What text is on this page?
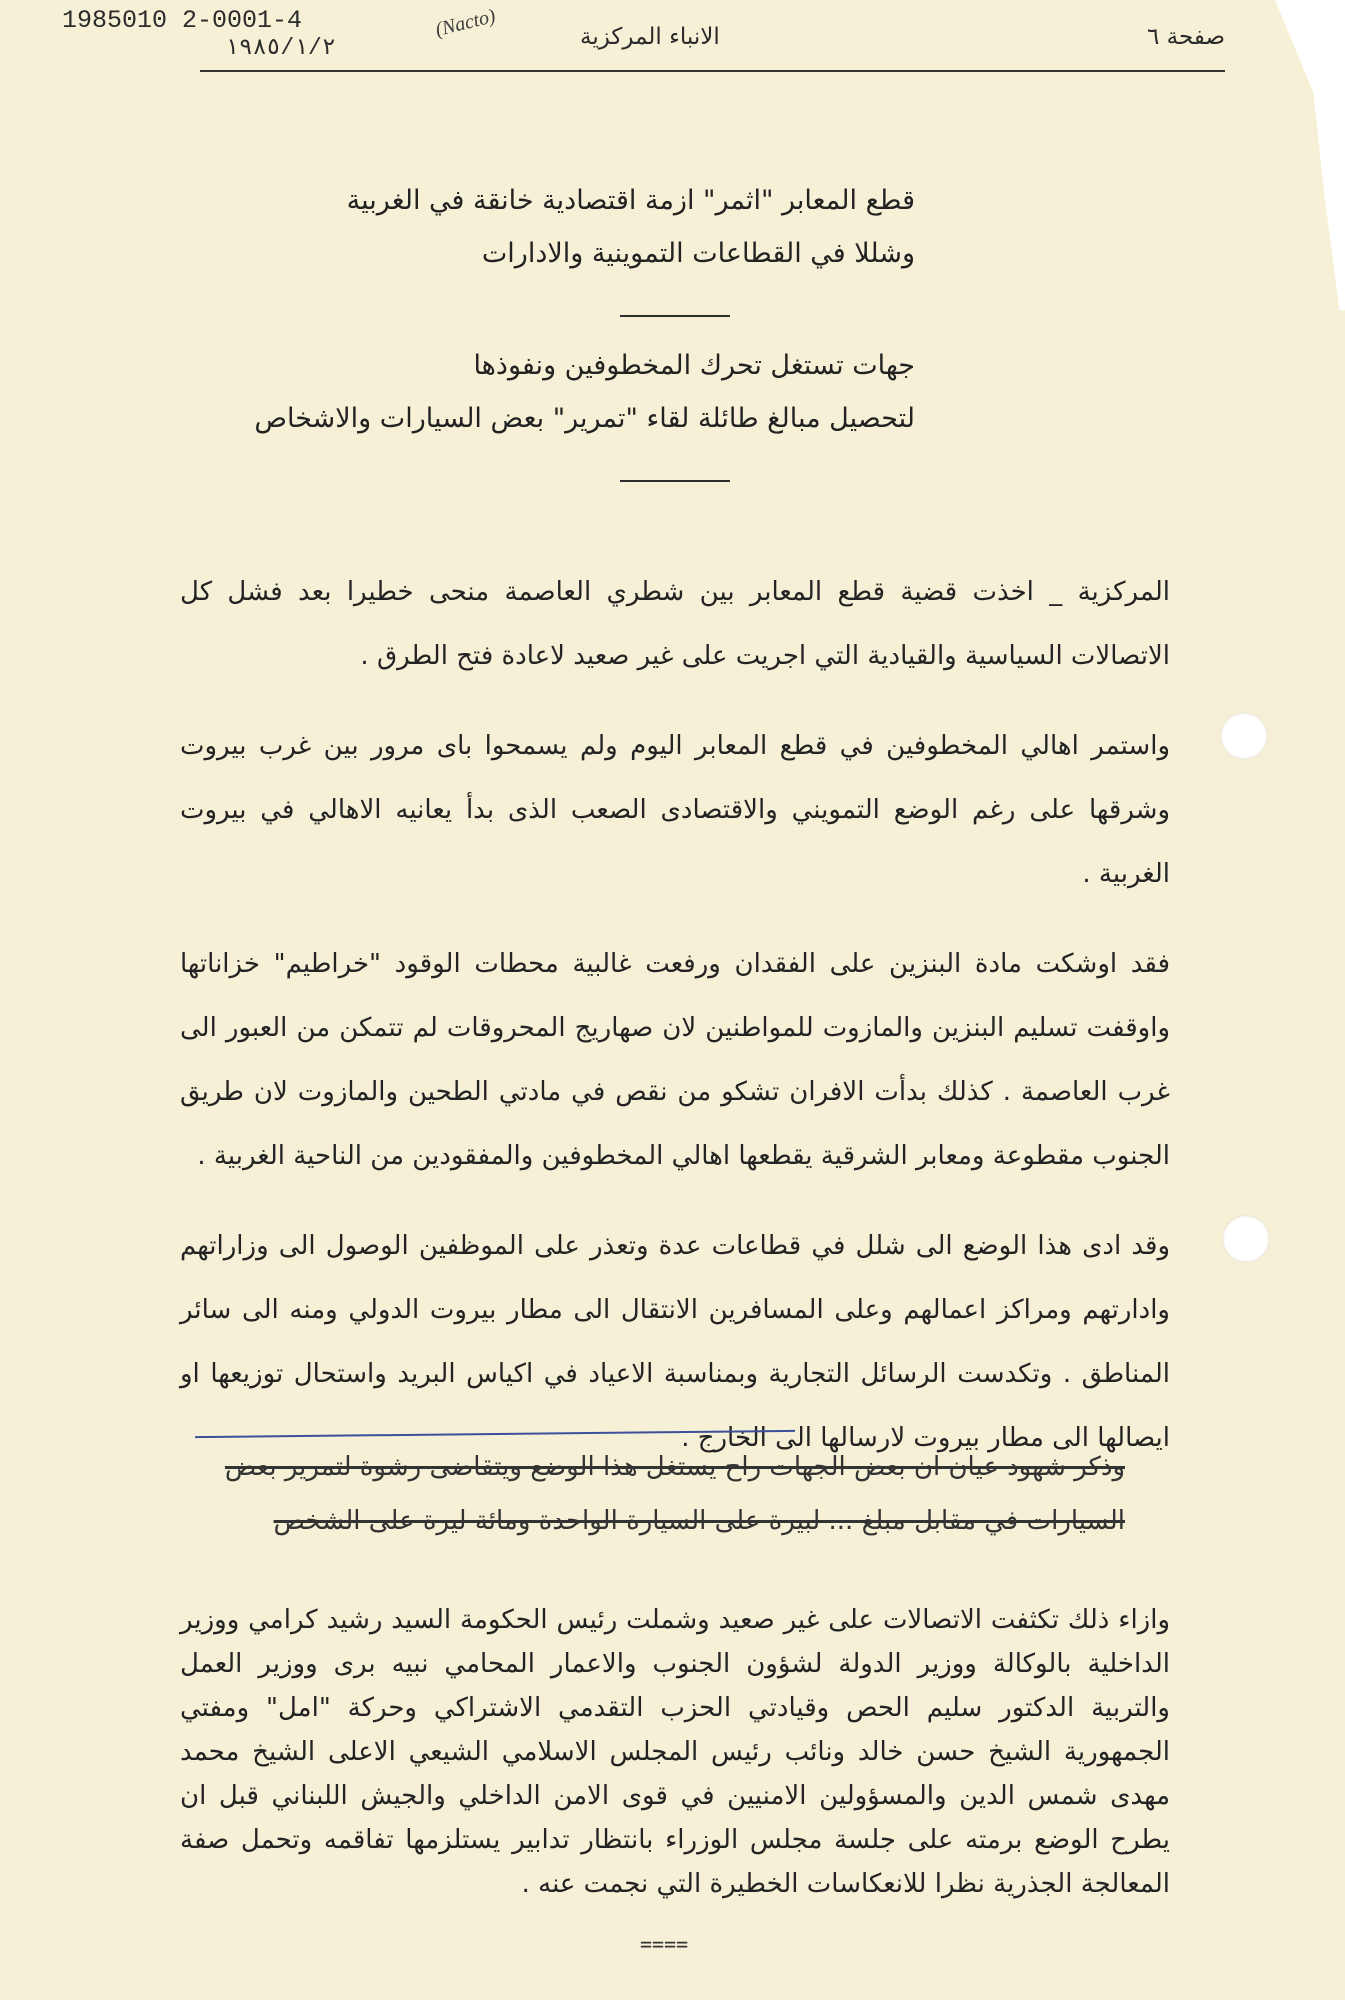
1985010 2-0001-4
١٩٨٥/١/٢
(Nacto)	الانباء المركزية	صفحة ٦
قطع المعابر "اثمر" ازمة اقتصادية خانقة في الغربية
وشللا في القطاعات التموينية والادارات
جهات تستغل تحرك المخطوفين ونفوذها
لتحصيل مبالغ طائلة لقاء "تمرير" بعض السيارات والاشخاص

المركزية _ اخذت قضية قطع المعابر بين شطري العاصمة منحى خطيرا بعد فشل كل الاتصالات السياسية والقيادية التي اجريت على غير صعيد لاعادة فتح الطرق .

واستمر اهالي المخطوفين في قطع المعابر اليوم ولم يسمحوا باى مرور بين غرب بيروت وشرقها على رغم الوضع التمويني والاقتصادى الصعب الذى بدأ يعانيه الاهالي في بيروت الغربية .

فقد اوشكت مادة البنزين على الفقدان ورفعت غالبية محطات الوقود "خراطيم" خزاناتها واوقفت تسليم البنزين والمازوت للمواطنين لان صهاريج المحروقات لم تتمكن من العبور الى غرب العاصمة . كذلك بدأت الافران تشكو من نقص في مادتي الطحين والمازوت لان طريق الجنوب مقطوعة ومعابر الشرقية يقطعها اهالي المخطوفين والمفقودين من الناحية الغربية .

وقد ادى هذا الوضع الى شلل في قطاعات عدة وتعذر على الموظفين الوصول الى وزاراتهم وادارتهم ومراكز اعمالهم وعلى المسافرين الانتقال الى مطار بيروت الدولي ومنه الى سائر المناطق . وتكدست الرسائل التجارية وبمناسبة الاعياد في اكياس البريد واستحال توزيعها او ايصالها الى مطار بيروت لارسالها الى الخارج .

وذكر شهود عيان ان بعض الجهات راح يستغل هذا الوضع ويتقاضى رشوة لتمرير بعض السيارات في مقابل مبلغ ... لبيرة على السيارة الواحدة ومائة ليرة على الشخص

وازاء ذلك تكثفت الاتصالات على غير صعيد وشملت رئيس الحكومة السيد رشيد كرامي ووزير الداخلية بالوكالة ووزير الدولة لشؤون الجنوب والاعمار المحامي نبيه برى ووزير العمل والتربية الدكتور سليم الحص وقيادتي الحزب التقدمي الاشتراكي وحركة "امل" ومفتي الجمهورية الشيخ حسن خالد ونائب رئيس المجلس الاسلامي الشيعي الاعلى الشيخ محمد مهدى شمس الدين والمسؤولين الامنيين في قوى الامن الداخلي والجيش اللبناني قبل ان يطرح الوضع برمته على جلسة مجلس الوزراء بانتظار تدابير يستلزمها تفاقمه وتحمل صفة المعالجة الجذرية نظرا للانعكاسات الخطيرة التي نجمت عنه .

====
